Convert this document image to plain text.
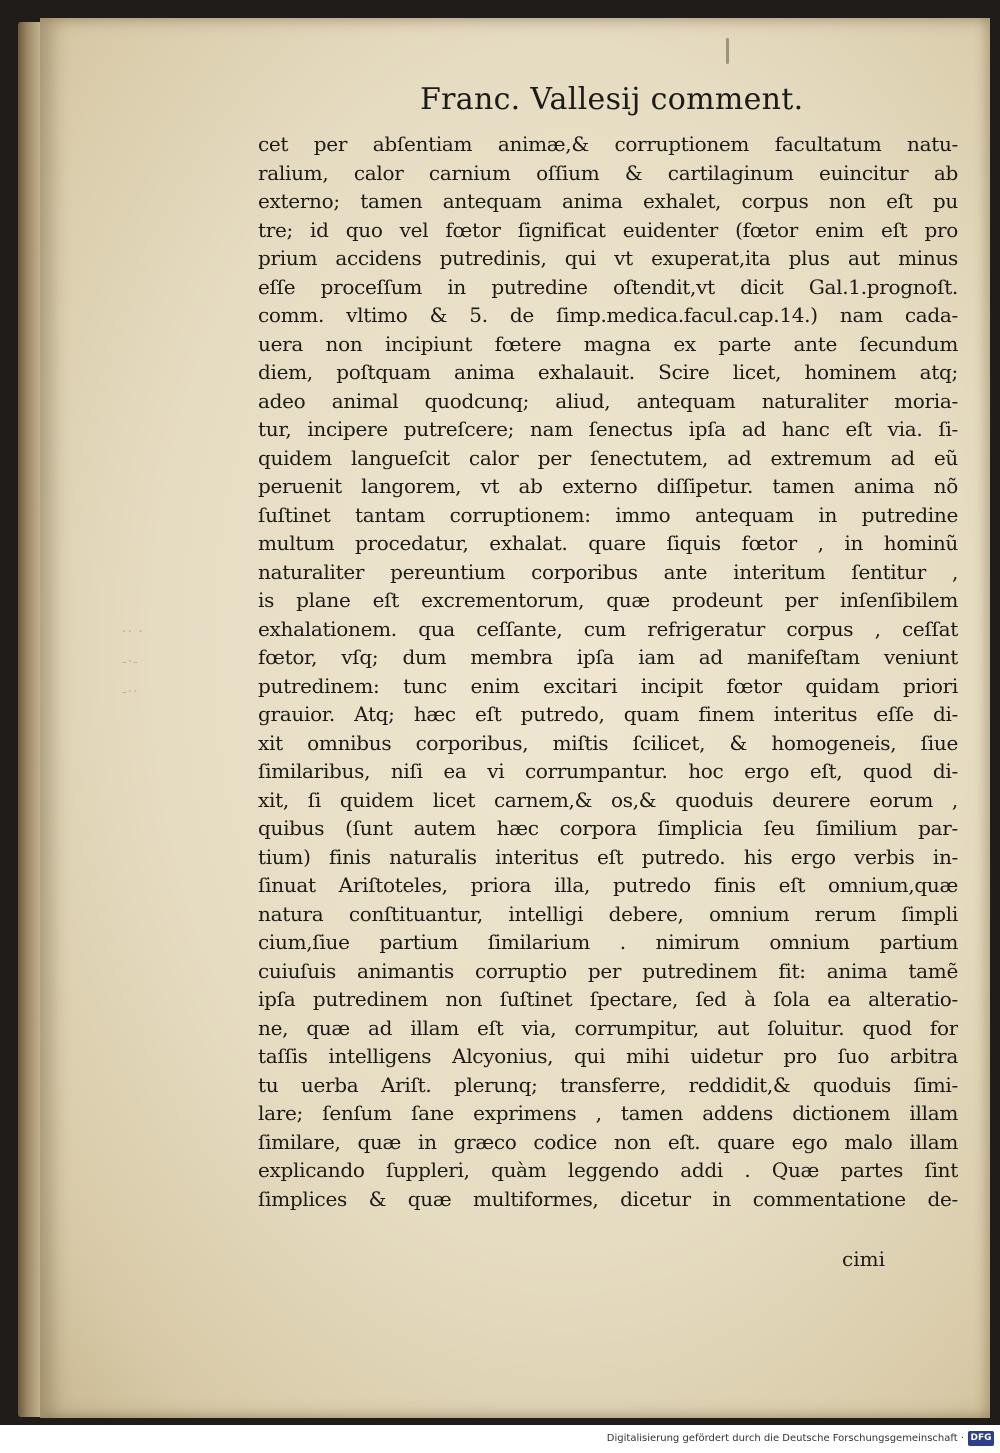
·· ·
-·-
-··
Franc. Vallesij comment.
cet per abſentiam animæ,& corruptionem facultatum natu-
ralium, calor carnium oſſium & cartilaginum euincitur ab
externo; tamen antequam anima exhalet, corpus non eſt pu
tre; id quo vel fœtor ſignificat euidenter (fœtor enim eſt pro
prium accidens putredinis, qui vt exuperat,ita plus aut minus
eſſe proceſſum in putredine oſtendit,vt dicit Gal.1.prognoſt.
comm. vltimo & 5. de ſimp.medica.facul.cap.14.) nam cada-
uera non incipiunt fœtere magna ex parte ante ſecundum
diem, poſtquam anima exhalauit. Scire licet, hominem atq;
adeo animal quodcunq; aliud, antequam naturaliter moria-
tur, incipere putreſcere; nam ſenectus ipſa ad hanc eſt via. ſi-
quidem langueſcit calor per ſenectutem, ad extremum ad eũ
peruenit langorem, vt ab externo diſſipetur. tamen anima nõ
ſuſtinet tantam corruptionem: immo antequam in putredine
multum procedatur, exhalat. quare ſiquis fœtor , in hominũ
naturaliter pereuntium corporibus ante interitum ſentitur ,
is plane eſt excrementorum, quæ prodeunt per inſenſibilem
exhalationem. qua ceſſante, cum refrigeratur corpus , ceſſat
fœtor, vſq; dum membra ipſa iam ad manifeſtam veniunt
putredinem: tunc enim excitari incipit fœtor quidam priori
grauior. Atq; hæc eſt putredo, quam finem interitus eſſe di-
xit omnibus corporibus, miſtis ſcilicet, & homogeneis, ſiue
ſimilaribus, niſi ea vi corrumpantur. hoc ergo eſt, quod di-
xit, ſi quidem licet carnem,& os,& quoduis deurere eorum ,
quibus (ſunt autem hæc corpora ſimplicia ſeu ſimilium par-
tium) finis naturalis interitus eſt putredo. his ergo verbis in-
ſinuat Ariſtoteles, priora illa, putredo finis eſt omnium,quæ
natura conſtituantur, intelligi debere, omnium rerum ſimpli
cium,ſiue partium ſimilarium . nimirum omnium partium
cuiuſuis animantis corruptio per putredinem fit: anima tamẽ
ipſa putredinem non ſuſtinet ſpectare, ſed à ſola ea alteratio-
ne, quæ ad illam eſt via, corrumpitur, aut ſoluitur. quod for
taſſis intelligens Alcyonius, qui mihi uidetur pro ſuo arbitra
tu uerba Ariſt. plerunq; transferre, reddidit,& quoduis ſimi-
lare; ſenſum ſane exprimens , tamen addens dictionem illam
ſimilare, quæ in græco codice non eſt. quare ego malo illam
explicando ſuppleri, quàm leggendo addi . Quæ partes ſint
ſimplices & quæ multiformes, dicetur in commentatione de-
cimi
Digitalisierung gefördert durch die Deutsche Forschungsgemeinschaft · DFG
